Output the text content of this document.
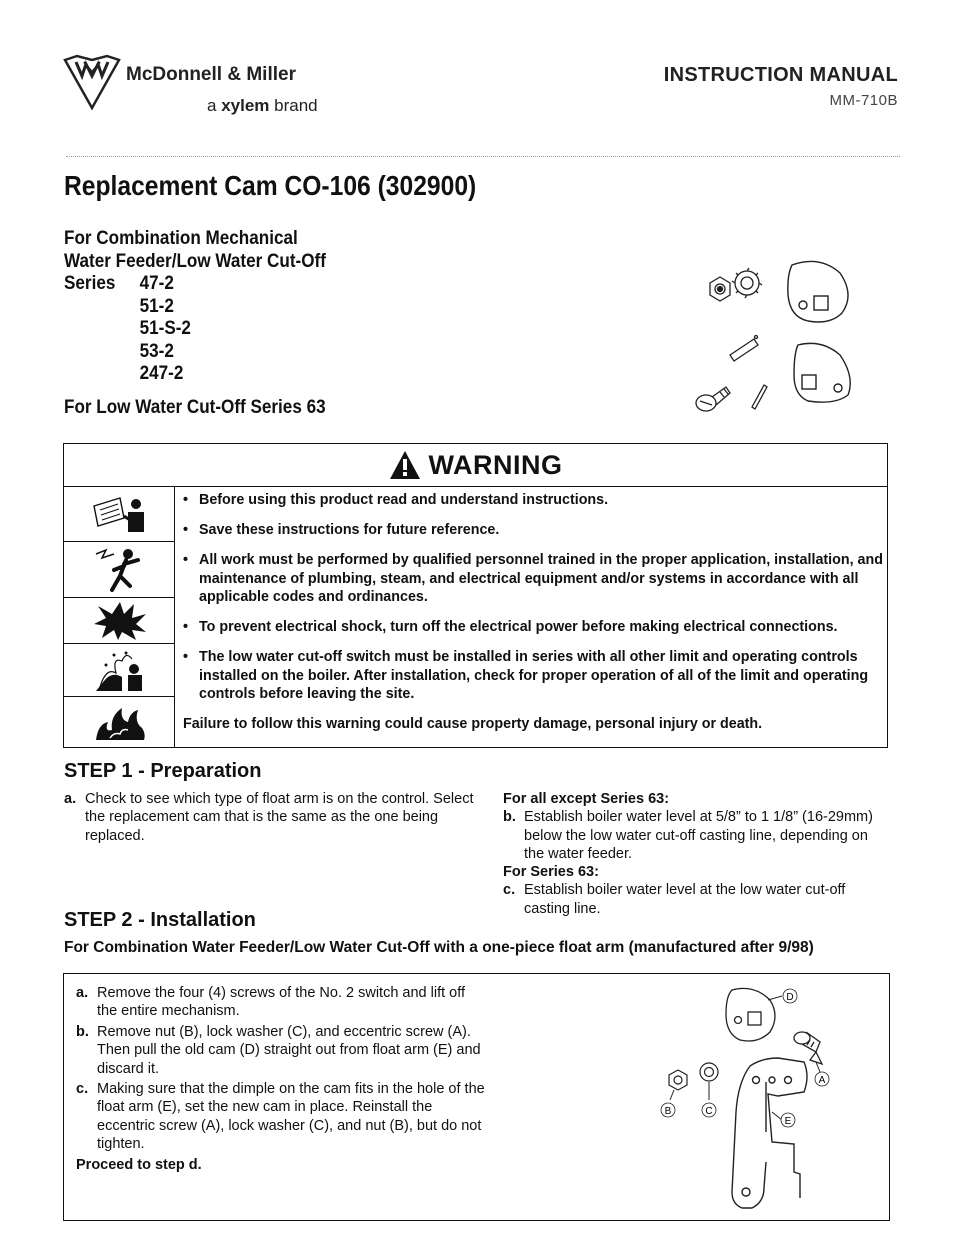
McDonnell & Miller
a xylem brand
INSTRUCTION MANUAL
MM-710B
Replacement Cam CO-106 (302900)
For Combination Mechanical
Water Feeder/Low Water Cut-Off
Series	47-2
51-2
51-S-2
53-2
247-2
For Low Water Cut-Off Series 63
WARNING
• Before using this product read and understand instructions.
• Save these instructions for future reference.
• All work must be performed by qualified personnel trained in the proper application, installation, and maintenance of plumbing, steam, and electrical equipment and/or systems in accordance with all applicable codes and ordinances.
• To prevent electrical shock, turn off the electrical power before making electrical connections.
• The low water cut-off switch must be installed in series with all other limit and operating controls installed on the boiler. After installation, check for proper operation of all of the limit and operating controls before leaving the site.
Failure to follow this warning could cause property damage, personal injury or death.
STEP 1 - Preparation
a. Check to see which type of float arm is on the control. Select the replacement cam that is the same as the one being replaced.
For all except Series 63:
b. Establish boiler water level at 5/8” to 1 1/8” (16-29mm) below the low water cut-off casting line, depending on the water feeder.
For Series 63:
c. Establish boiler water level at the low water cut-off casting line.
STEP 2 - Installation
For Combination Water Feeder/Low Water Cut-Off with a one-piece float arm (manufactured after 9/98)
a. Remove the four (4) screws of the No. 2 switch and lift off the entire mechanism.
b. Remove nut (B), lock washer (C), and eccentric screw (A). Then pull the old cam (D) straight out from float arm (E) and discard it.
c. Making sure that the dimple on the cam fits in the hole of the float arm (E), set the new cam in place. Reinstall the eccentric screw (A), lock washer (C), and nut (B), but do not tighten.
Proceed to step d.
D
A
B	C
E
